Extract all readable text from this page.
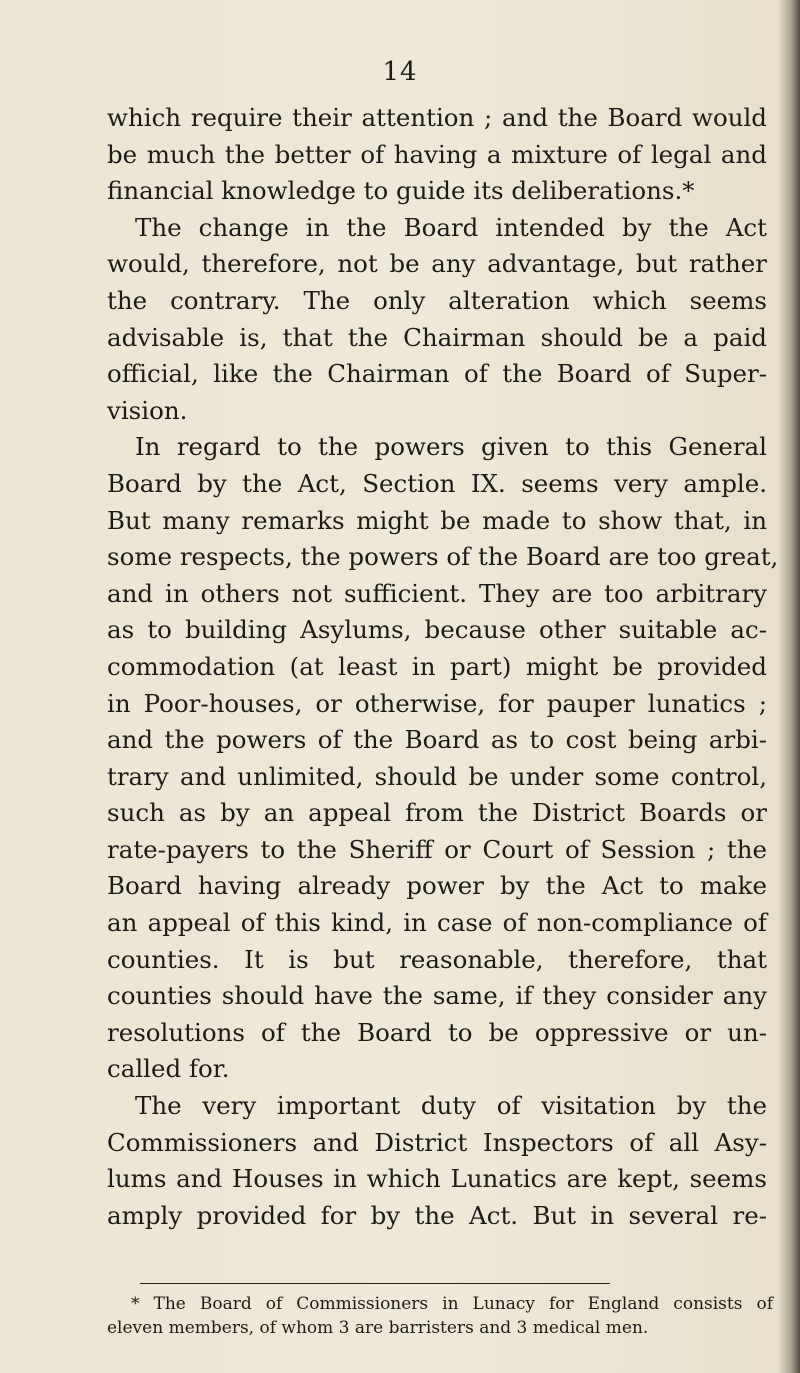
14
which require their attention ; and the Board would
be much the better of having a mixture of legal and
financial knowledge to guide its deliberations.*
The change in the Board intended by the Act
would, therefore, not be any advantage, but rather
the contrary. The only alteration which seems
advisable is, that the Chairman should be a paid
official, like the Chairman of the Board of Super-
vision.
In regard to the powers given to this General
Board by the Act, Section IX. seems very ample.
But many remarks might be made to show that, in
some respects, the powers of the Board are too great,
and in others not sufficient. They are too arbitrary
as to building Asylums, because other suitable ac-
commodation (at least in part) might be provided
in Poor-houses, or otherwise, for pauper lunatics ;
and the powers of the Board as to cost being arbi-
trary and unlimited, should be under some control,
such as by an appeal from the District Boards or
rate-payers to the Sheriff or Court of Session ; the
Board having already power by the Act to make
an appeal of this kind, in case of non-compliance of
counties. It is but reasonable, therefore, that
counties should have the same, if they consider any
resolutions of the Board to be oppressive or un-
called for.
The very important duty of visitation by the
Commissioners and District Inspectors of all Asy-
lums and Houses in which Lunatics are kept, seems
amply provided for by the Act. But in several re-
* The Board of Commissioners in Lunacy for England consists of
eleven members, of whom 3 are barristers and 3 medical men.
